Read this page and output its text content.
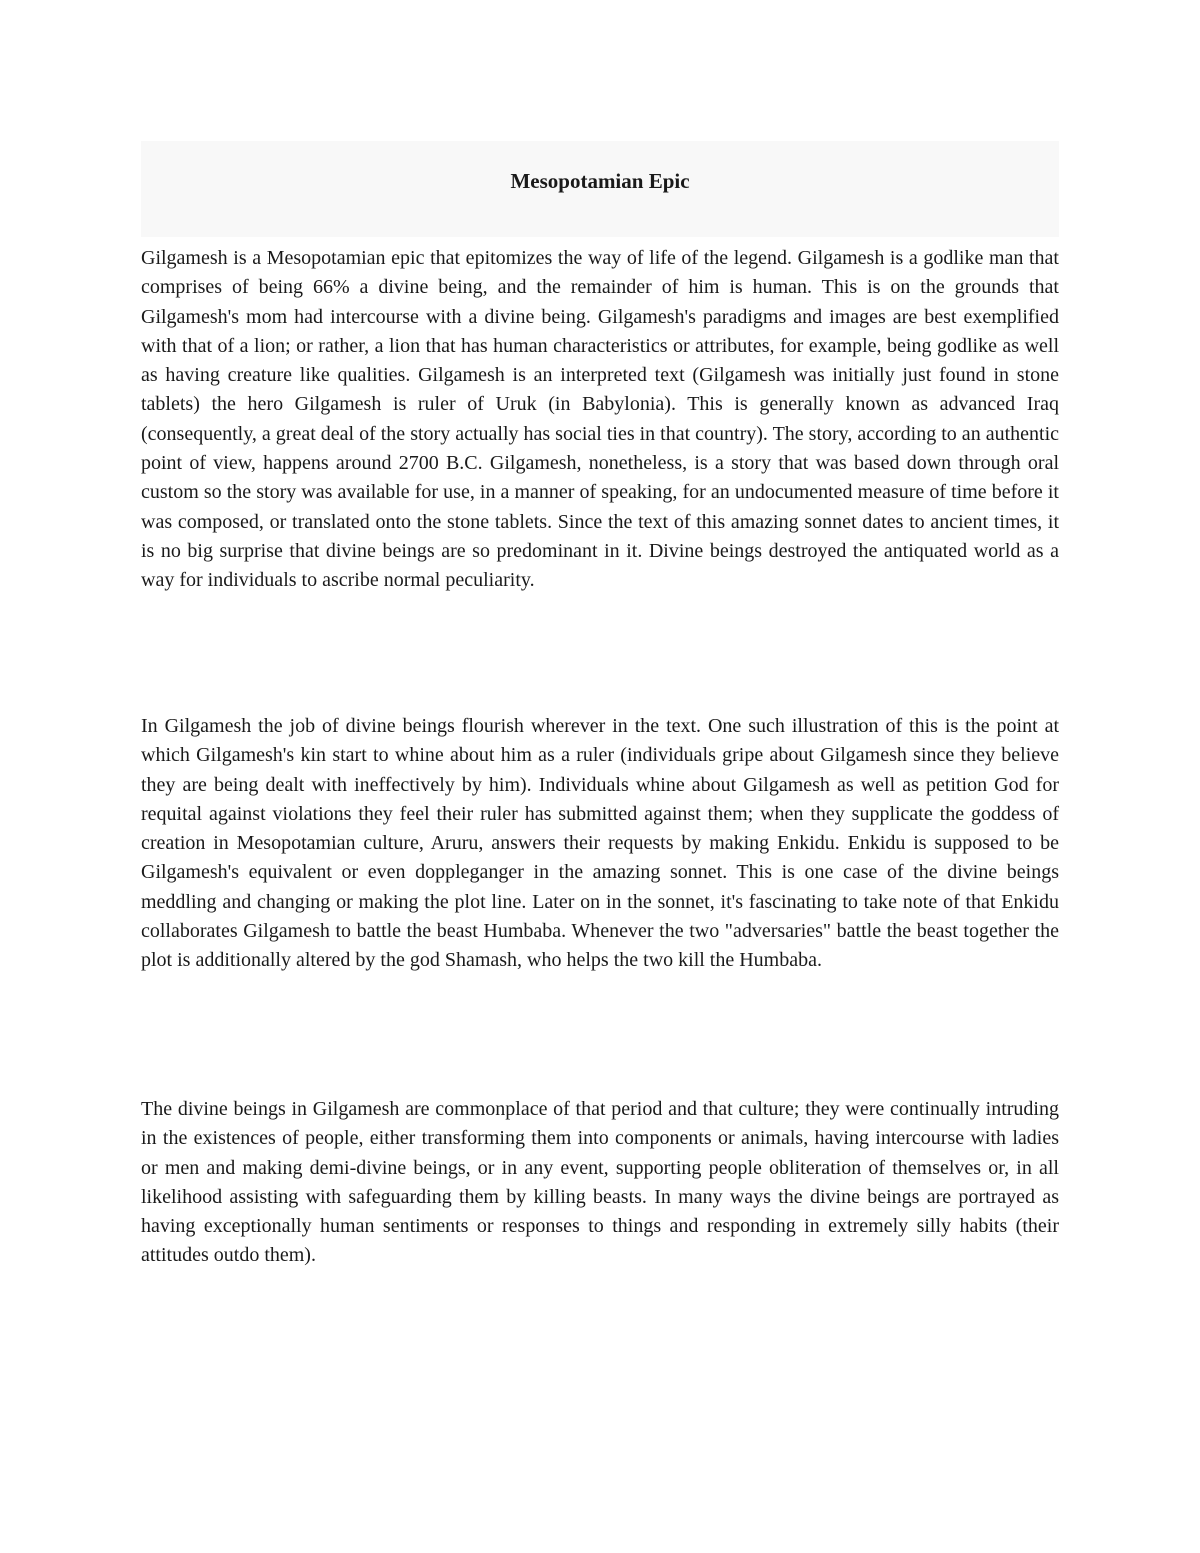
Mesopotamian Epic

Gilgamesh is a Mesopotamian epic that epitomizes the way of life of the legend. Gilgamesh is a godlike man that comprises of being 66% a divine being, and the remainder of him is human. This is on the grounds that Gilgamesh's mom had intercourse with a divine being. Gilgamesh's paradigms and images are best exemplified with that of a lion; or rather, a lion that has human characteristics or attributes, for example, being godlike as well as having creature like qualities. Gilgamesh is an interpreted text (Gilgamesh was initially just found in stone tablets) the hero Gilgamesh is ruler of Uruk (in Babylonia). This is generally known as advanced Iraq (consequently, a great deal of the story actually has social ties in that country). The story, according to an authentic point of view, happens around 2700 B.C. Gilgamesh, nonetheless, is a story that was based down through oral custom so the story was available for use, in a manner of speaking, for an undocumented measure of time before it was composed, or translated onto the stone tablets. Since the text of this amazing sonnet dates to ancient times, it is no big surprise that divine beings are so predominant in it. Divine beings destroyed the antiquated world as a way for individuals to ascribe normal peculiarity.

In Gilgamesh the job of divine beings flourish wherever in the text. One such illustration of this is the point at which Gilgamesh's kin start to whine about him as a ruler (individuals gripe about Gilgamesh since they believe they are being dealt with ineffectively by him). Individuals whine about Gilgamesh as well as petition God for requital against violations they feel their ruler has submitted against them; when they supplicate the goddess of creation in Mesopotamian culture, Aruru, answers their requests by making Enkidu. Enkidu is supposed to be Gilgamesh's equivalent or even doppleganger in the amazing sonnet. This is one case of the divine beings meddling and changing or making the plot line. Later on in the sonnet, it's fascinating to take note of that Enkidu collaborates Gilgamesh to battle the beast Humbaba. Whenever the two "adversaries" battle the beast together the plot is additionally altered by the god Shamash, who helps the two kill the Humbaba.

The divine beings in Gilgamesh are commonplace of that period and that culture; they were continually intruding in the existences of people, either transforming them into components or animals, having intercourse with ladies or men and making demi-divine beings, or in any event, supporting people obliteration of themselves or, in all likelihood assisting with safeguarding them by killing beasts. In many ways the divine beings are portrayed as having exceptionally human sentiments or responses to things and responding in extremely silly habits (their attitudes outdo them).
